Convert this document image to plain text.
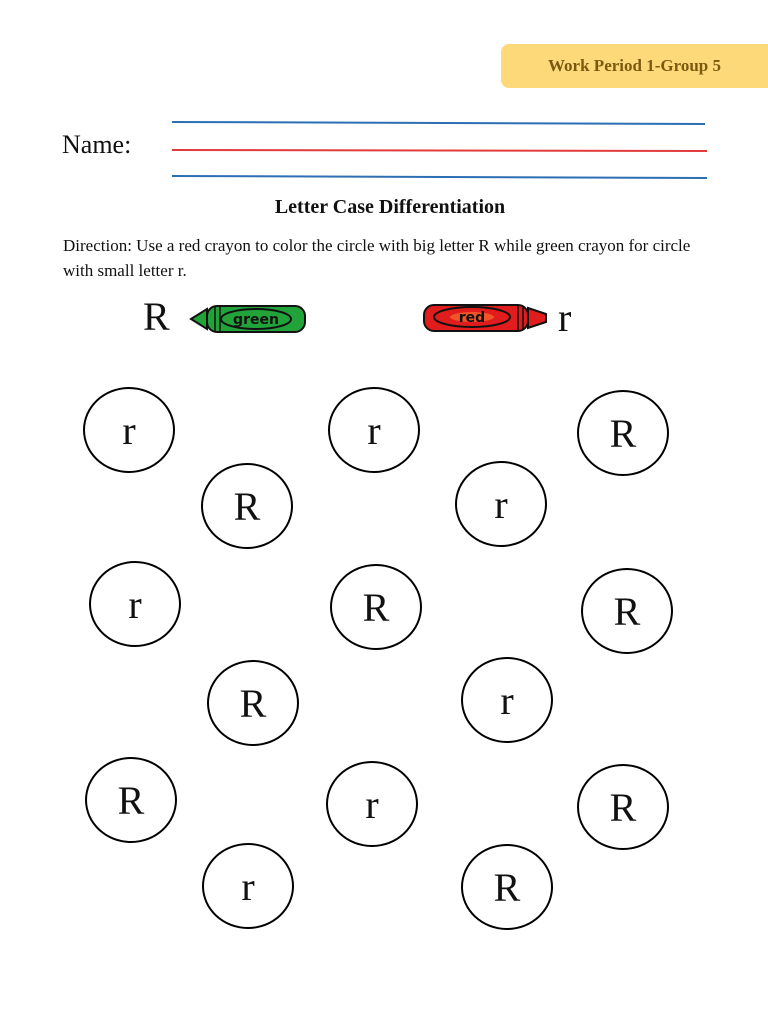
Work Period 1-Group 5
Name:
Letter Case Differentiation
Direction: Use a red crayon to color the circle with big letter R while green crayon for circle with small letter r.
R	green	red r
r
R
r
r
R
R
r	R
R	r
r
R	R
r	R
